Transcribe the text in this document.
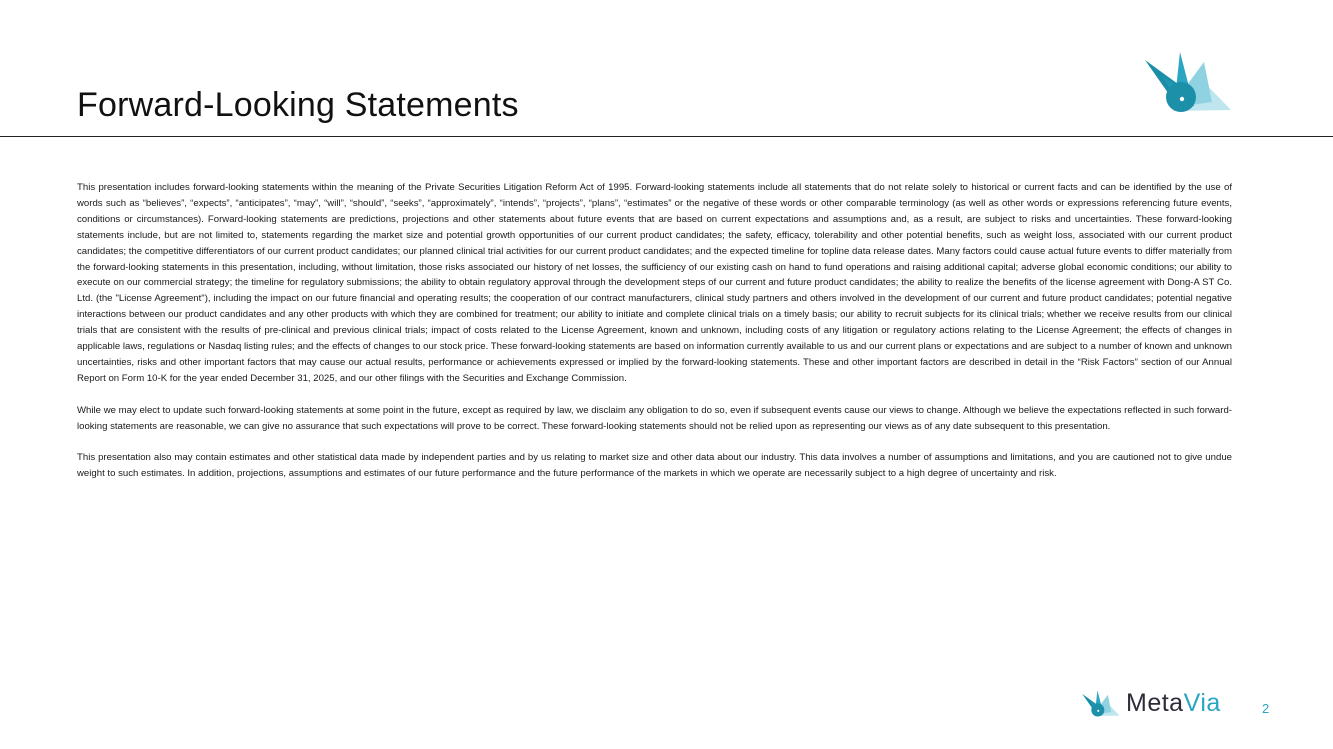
Forward-Looking Statements

This presentation includes forward-looking statements within the meaning of the Private Securities Litigation Reform Act of 1995. Forward-looking statements include all statements that do not relate solely to historical or current facts and can be identified by the use of words such as “believes”, “expects”, “anticipates”, “may”, “will”, “should”, “seeks”, “approximately”, “intends”, “projects”, “plans”, “estimates” or the negative of these words or other comparable terminology (as well as other words or expressions referencing future events, conditions or circumstances). Forward-looking statements are predictions, projections and other statements about future events that are based on current expectations and assumptions and, as a result, are subject to risks and uncertainties. These forward-looking statements include, but are not limited to, statements regarding the market size and potential growth opportunities of our current product candidates; the safety, efficacy, tolerability and other potential benefits, such as weight loss, associated with our current product candidates; the competitive differentiators of our current product candidates; our planned clinical trial activities for our current product candidates; and the expected timeline for topline data release dates. Many factors could cause actual future events to differ materially from the forward-looking statements in this presentation, including, without limitation, those risks associated our history of net losses, the sufficiency of our existing cash on hand to fund operations and raising additional capital; adverse global economic conditions; our ability to execute on our commercial strategy; the timeline for regulatory submissions; the ability to obtain regulatory approval through the development steps of our current and future product candidates; the ability to realize the benefits of the license agreement with Dong-A ST Co. Ltd. (the "License Agreement"), including the impact on our future financial and operating results; the cooperation of our contract manufacturers, clinical study partners and others involved in the development of our current and future product candidates; potential negative interactions between our product candidates and any other products with which they are combined for treatment; our ability to initiate and complete clinical trials on a timely basis; our ability to recruit subjects for its clinical trials; whether we receive results from our clinical trials that are consistent with the results of pre-clinical and previous clinical trials; impact of costs related to the License Agreement, known and unknown, including costs of any litigation or regulatory actions relating to the License Agreement; the effects of changes in applicable laws, regulations or Nasdaq listing rules; and the effects of changes to our stock price. These forward-looking statements are based on information currently available to us and our current plans or expectations and are subject to a number of known and unknown uncertainties, risks and other important factors that may cause our actual results, performance or achievements expressed or implied by the forward-looking statements. These and other important factors are described in detail in the “Risk Factors” section of our Annual Report on Form 10-K for the year ended December 31, 2025, and our other filings with the Securities and Exchange Commission.

While we may elect to update such forward-looking statements at some point in the future, except as required by law, we disclaim any obligation to do so, even if subsequent events cause our views to change. Although we believe the expectations reflected in such forward-looking statements are reasonable, we can give no assurance that such expectations will prove to be correct. These forward-looking statements should not be relied upon as representing our views as of any date subsequent to this presentation.

This presentation also may contain estimates and other statistical data made by independent parties and by us relating to market size and other data about our industry. This data involves a number of assumptions and limitations, and you are cautioned not to give undue weight to such estimates. In addition, projections, assumptions and estimates of our future performance and the future performance of the markets in which we operate are necessarily subject to a high degree of uncertainty and risk.

MetaVia	2
